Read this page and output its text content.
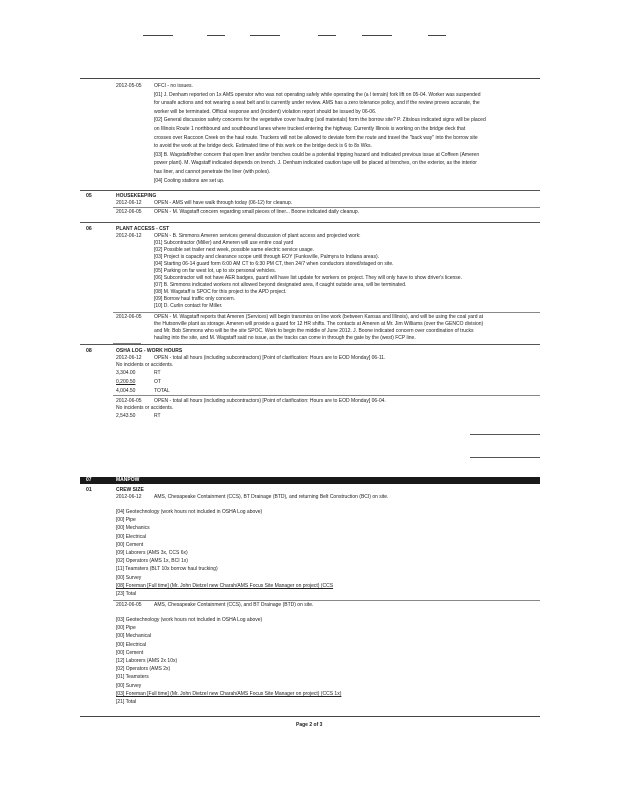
2012-05-05 OFCI - no issues.
[01] J. Denham reported on 1x AMS operator who was not operating safely while operating the (a l terrain) fork lift on 05-04. Worker was suspended
for unsafe actions and not wearing a seat belt and is currently under review. AMS has a zero tolerance policy, and if the review proves accurate, the
worker will be terminated. Official response and (incident) violation report should be issued by 06-06.
[02] General discussion safety concerns for the vegetative cover hauling (soil materials) form the borrow site? P. Zitslous indicated signs will be placed
on Illinois Route 1 northbound and southbound lanes where trucked entering the highway. Currently Illinois is working on the bridge deck that
crosses over Raccoon Creek on the haul route. Truckers will not be allowed to deviate form the route and travel the "back way" into the borrow site
to avoid the work at the bridge deck. Estimated time of this work on the bridge deck is 6 to 8x Wks.
[03] B. Wagstaff/other concern that open liner and/or trenches could be a potential tripping hazard and indicated previous issue at Coffeen (Ameren
power plant). M. Wagstaff indicated depends on trench. J. Denham indicated caution tape will be placed at trenches, on the exterior, as the interior
has liner, and cannot penetrate the liner (with poles).
[04] Cooling stations are set up.
05	HOUSEKEEPING
2012-06-12 OPEN - AMS will have walk through today (06-12) for cleanup.
2012-06-05 OPEN - M. Wagstaff concern regarding small pieces of liner... Boone indicated daily cleanup.
06	PLANT ACCESS - CST
2012-06-12 OPEN - B. Simmons Ameren services general discussion of plant access and projected work:
[01] Subcontractor (Miller) and Ameren will use entire coal yard
[02] Possible set trailer next week, possible same electric service usage.
[03] Project is capacity and clearance scope until through EOY (Funksville, Palmyra to Indiana areas).
[04] Starting 06-14 guard form 6:00 AM CT to 6:30 PM CT, then 24/7 when conductors stored/staged on site.
[05] Parking on far west lot, up to six personal vehicles.
[06] Subcontractor will not have AER badges, guard will have list update for workers on project. They will only have to show driver's license.
[07] B. Simmons indicated workers not allowed beyond designated area, if caught outside area, will be terminated.
[08] M. Wagstaff is SPOC for this project to the APD project.
[09] Borrow haul traffic only concern.
[10] D. Curlin contact for Miller.
2012-06-05 OPEN - M. Wagstaff reports that Ameren (Services) will begin transmiss on line work (between Kansas and Illinois), and will be using the coal yard at
the Hutsonville plant as storage. Ameren will provide a guard for 12 HR shifts. The contacts at Ameren at Mr. Jim Williams (over the GENCO division)
and Mr. Bob Simmons who will be the site SPOC. Work to begin the middle of June 2012. J. Boone indicated concern over coordination of trucks
hauling into the site, and M. Wagstaff said no issue, as the tracks can come in through the gate by the (west) FCP line.
08	OSHA LOG - WORK HOURS
2012-06-12 OPEN - total all hours (including subcontractors) [Point of clarification: Hours are to EOD Monday] 06-11.
No incidents or accidents.
3,304.00	RT
0,200.50	OT
4,004.50	TOTAL
2012-06-05 OPEN - total all hours (including subcontractors) [Point of clarification: Hours are to EOD Monday] 06-04.
No incidents or accidents.
2,543.50	RT
07	MANPOW
01	CREW SIZE
2012-06-12 AMS, Chesapeake Containment (CCS), BT Drainage (BTD), and returning Belt Construction (BCI) on site.
[04] Geotechnology (work hours not included in OSHA Log above)
[00] Pipe
[00] Mechanics
[00] Electrical
[00] Cement
[09] Laborers (AMS 3x, CCS 6x)
[02] Operators (AMS 1x, BCI 1x)
[11] Teamsters (BLT 10x borrow haul trucking)
[00] Survey
[08] Foreman [Full time] (Mr. John Dietzel new Charah/AMS Focus Site Manager on project) (CCS
[23] Total
2012-06-05 AMS, Chesapeake Containment (CCS), and BT Drainage (BTD) on site.
[03] Geotechnology (work hours not included in OSHA Log above)
[00] Pipe
[00] Mechanical
[00] Electrical
[00] Cement
[12] Laborers (AMS 2x 10x)
[02] Operators (AMS 2x)
[01] Teamsters
[00] Survey
[03] Foreman [Full time] (Mr. John Dietzel new Charah/AMS Focus Site Manager on project) (CCS 1x)
[21] Total
Page 2 of 3
